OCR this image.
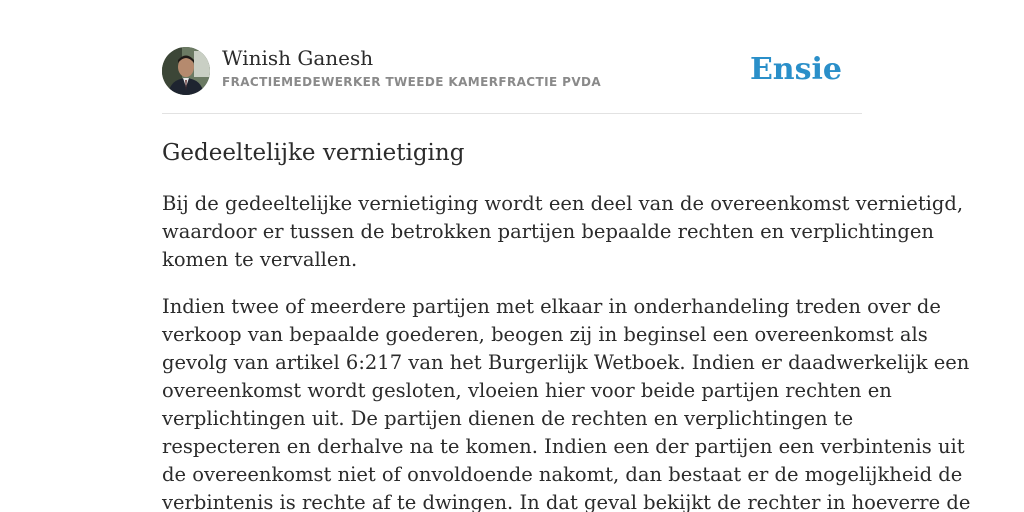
Winish Ganesh
FRACTIEMEDEWERKER TWEEDE KAMERFRACTIE PVDA	Ensie
Gedeeltelijke vernietiging

Bij de gedeeltelijke vernietiging wordt een deel van de overeenkomst vernietigd,
waardoor er tussen de betrokken partijen bepaalde rechten en verplichtingen
komen te vervallen.

Indien twee of meerdere partijen met elkaar in onderhandeling treden over de
verkoop van bepaalde goederen, beogen zij in beginsel een overeenkomst als
gevolg van artikel 6:217 van het Burgerlijk Wetboek. Indien er daadwerkelijk een
overeenkomst wordt gesloten, vloeien hier voor beide partijen rechten en
verplichtingen uit. De partijen dienen de rechten en verplichtingen te
respecteren en derhalve na te komen. Indien een der partijen een verbintenis uit
de overeenkomst niet of onvoldoende nakomt, dan bestaat er de mogelijkheid de
verbintenis is rechte af te dwingen. In dat geval bekijkt de rechter in hoeverre de
